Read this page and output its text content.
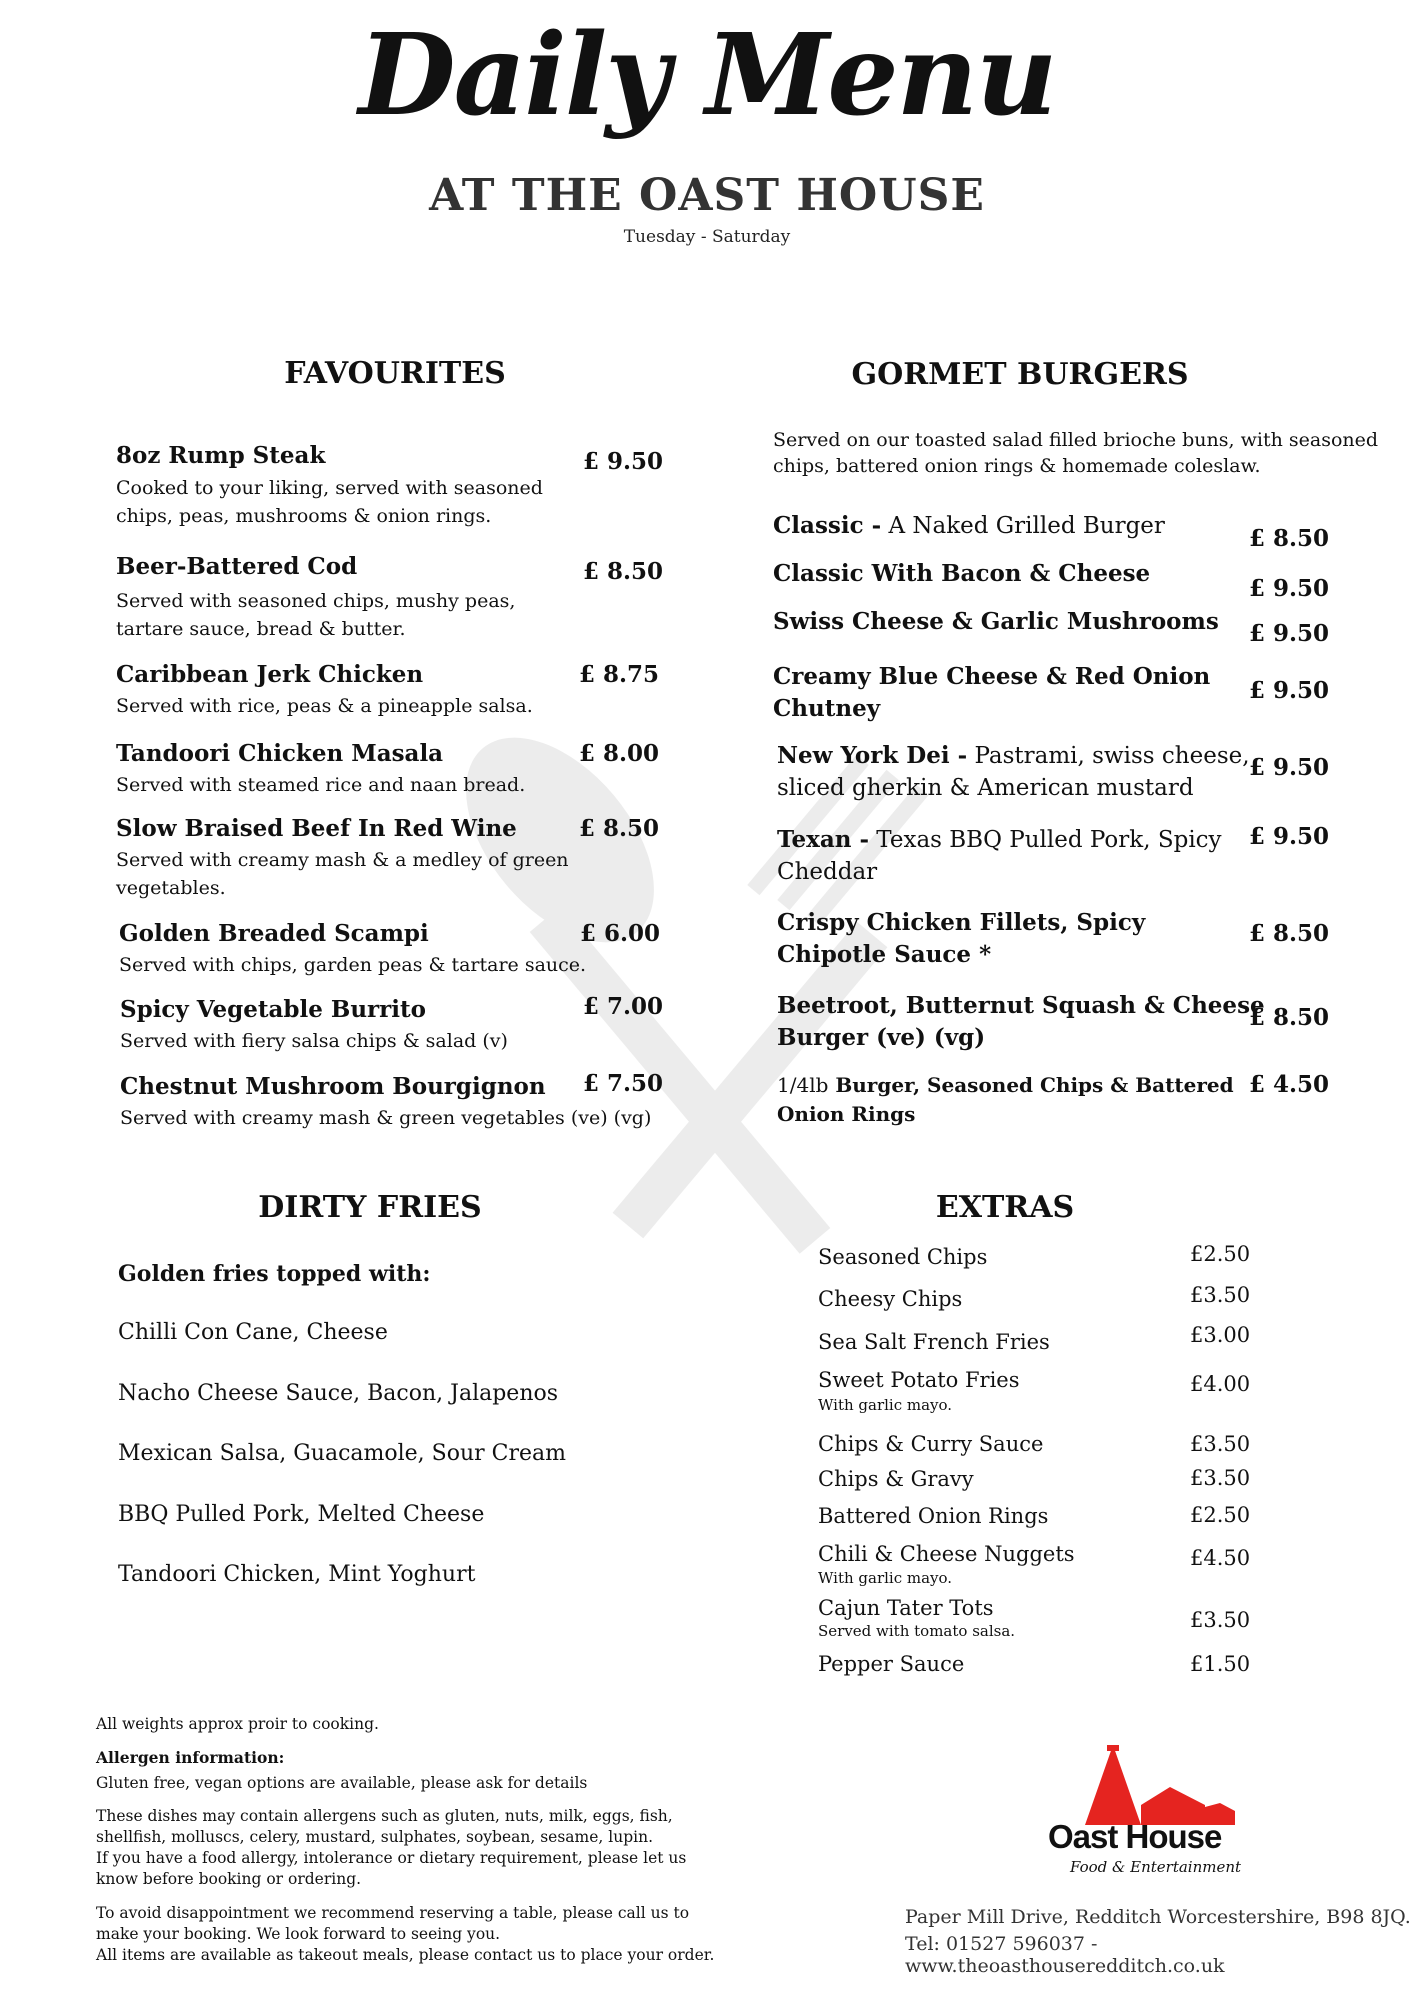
Daily Menu
AT THE OAST HOUSE
Tuesday - Saturday
FAVOURITES
8oz Rump Steak	£ 9.50
Cooked to your liking, served with seasoned
chips, peas, mushrooms & onion rings.
Beer-Battered Cod	£ 8.50
Served with seasoned chips, mushy peas,
tartare sauce, bread & butter.
Caribbean Jerk Chicken	£ 8.75
Served with rice, peas & a pineapple salsa.
Tandoori Chicken Masala	£ 8.00
Served with steamed rice and naan bread.
Slow Braised Beef In Red Wine	£ 8.50
Served with creamy mash & a medley of green
vegetables.
Golden Breaded Scampi	£ 6.00
Served with chips, garden peas & tartare sauce.
Spicy Vegetable Burrito	£ 7.00
Served with fiery salsa chips & salad (v)
Chestnut Mushroom Bourgignon £ 7.50
Served with creamy mash & green vegetables (ve) (vg)
GORMET BURGERS
Served on our toasted salad filled brioche buns, with seasoned
chips, battered onion rings & homemade coleslaw.
Classic - A Naked Grilled Burger	£ 8.50
Classic With Bacon & Cheese
£ 9.50
Swiss Cheese & Garlic Mushrooms £ 9.50
Creamy Blue Cheese & Red Onion
Chutney
£ 9.50
New York Dei - Pastrami, swiss cheese,
sliced gherkin & American mustard
£ 9.50
Texan - Texas BBQ Pulled Pork, Spicy
Cheddar
£ 9.50
Crispy Chicken Fillets, Spicy
Chipotle Sauce *
£ 8.50
Beetroot, Butternut Squash & Cheese
Burger (ve) (vg)
£ 8.50
1/4lb Burger, Seasoned Chips & Battered
Onion Rings
£ 4.50
DIRTY FRIES
Golden fries topped with:
Chilli Con Cane, Cheese
Nacho Cheese Sauce, Bacon, Jalapenos
Mexican Salsa, Guacamole, Sour Cream
BBQ Pulled Pork, Melted Cheese
Tandoori Chicken, Mint Yoghurt
EXTRAS
Seasoned Chips	£2.50
Cheesy Chips	£3.50
Sea Salt French Fries	£3.00
Sweet Potato Fries
With garlic mayo.
£4.00
Chips & Curry Sauce	£3.50
Chips & Gravy	£3.50
Battered Onion Rings	£2.50
Chili & Cheese Nuggets
With garlic mayo.
£4.50
Cajun Tater Tots
Served with tomato salsa.	£3.50
Pepper Sauce	£1.50
All weights approx proir to cooking.
Allergen information:
Gluten free, vegan options are available, please ask for details
These dishes may contain allergens such as gluten, nuts, milk, eggs, fish,
shellfish, molluscs, celery, mustard, sulphates, soybean, sesame, lupin.
If you have a food allergy, intolerance or dietary requirement, please let us
know before booking or ordering.
To avoid disappointment we recommend reserving a table, please call us to
make your booking. We look forward to seeing you.
All items are available as takeout meals, please contact us to place your order.
Oast House
Food & Entertainment
Paper Mill Drive, Redditch Worcestershire, B98 8JQ.
Tel: 01527 596037 - www.theoasthouseredditch.co.uk
